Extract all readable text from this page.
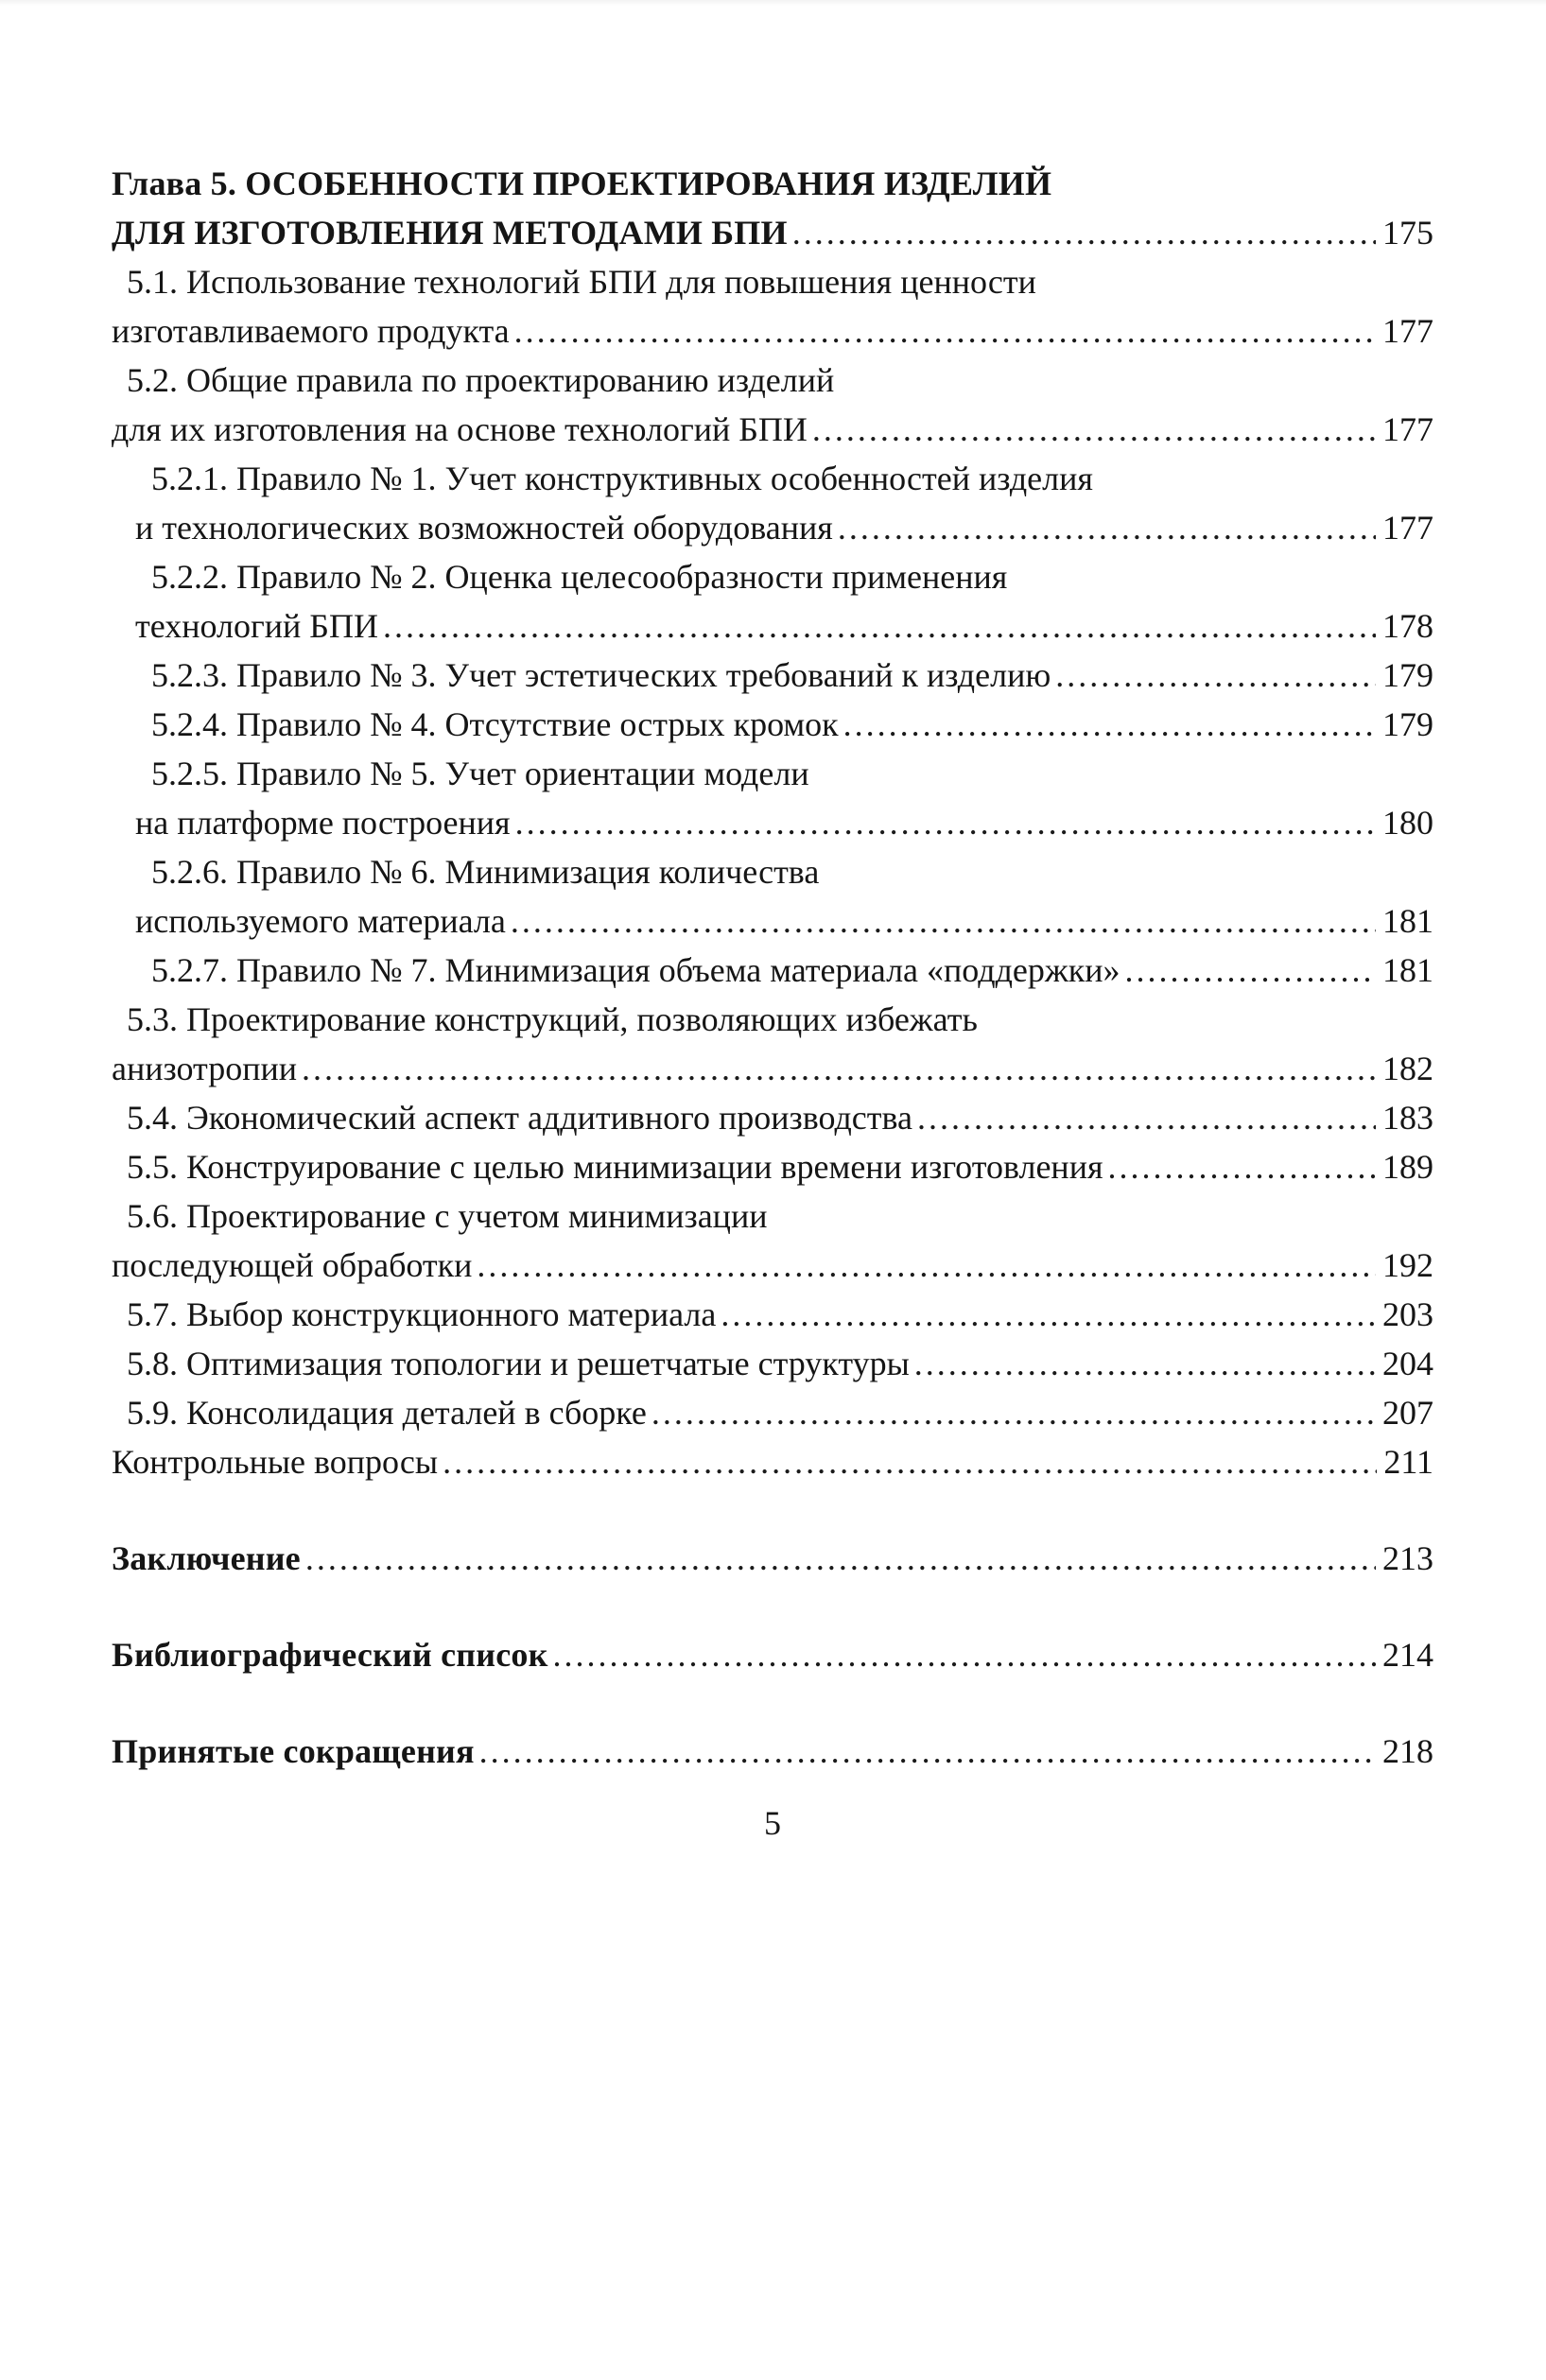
Глава 5. ОСОБЕННОСТИ ПРОЕКТИРОВАНИЯ ИЗДЕЛИЙ
ДЛЯ ИЗГОТОВЛЕНИЯ МЕТОДАМИ БПИ .....	175
5.1. Использование технологий БПИ для повышения ценности
изготавливаемого продукта .....	177
5.2. Общие правила по проектированию изделий
для их изготовления на основе технологий БПИ .....	177
5.2.1. Правило № 1. Учет конструктивных особенностей изделия
и технологических возможностей оборудования .....	177
5.2.2. Правило № 2. Оценка целесообразности применения
технологий БПИ .....	178
5.2.3. Правило № 3. Учет эстетических требований к изделию .....	179
5.2.4. Правило № 4. Отсутствие острых кромок .....	179
5.2.5. Правило № 5. Учет ориентации модели
на платформе построения .....	180
5.2.6. Правило № 6. Минимизация количества
используемого материала .....	181
5.2.7. Правило № 7. Минимизация объема материала «поддержки» .....	181
5.3. Проектирование конструкций, позволяющих избежать
анизотропии .....	182
5.4. Экономический аспект аддитивного производства .....	183
5.5. Конструирование с целью минимизации времени изготовления .....	189
5.6. Проектирование с учетом минимизации
последующей обработки .....	192
5.7. Выбор конструкционного материала .....	203
5.8. Оптимизация топологии и решетчатые структуры .....	204
5.9. Консолидация деталей в сборке .....	207
Контрольные вопросы .....	211
Заключение .....	213
Библиографический список .....	214
Принятые сокращения .....	218
5
